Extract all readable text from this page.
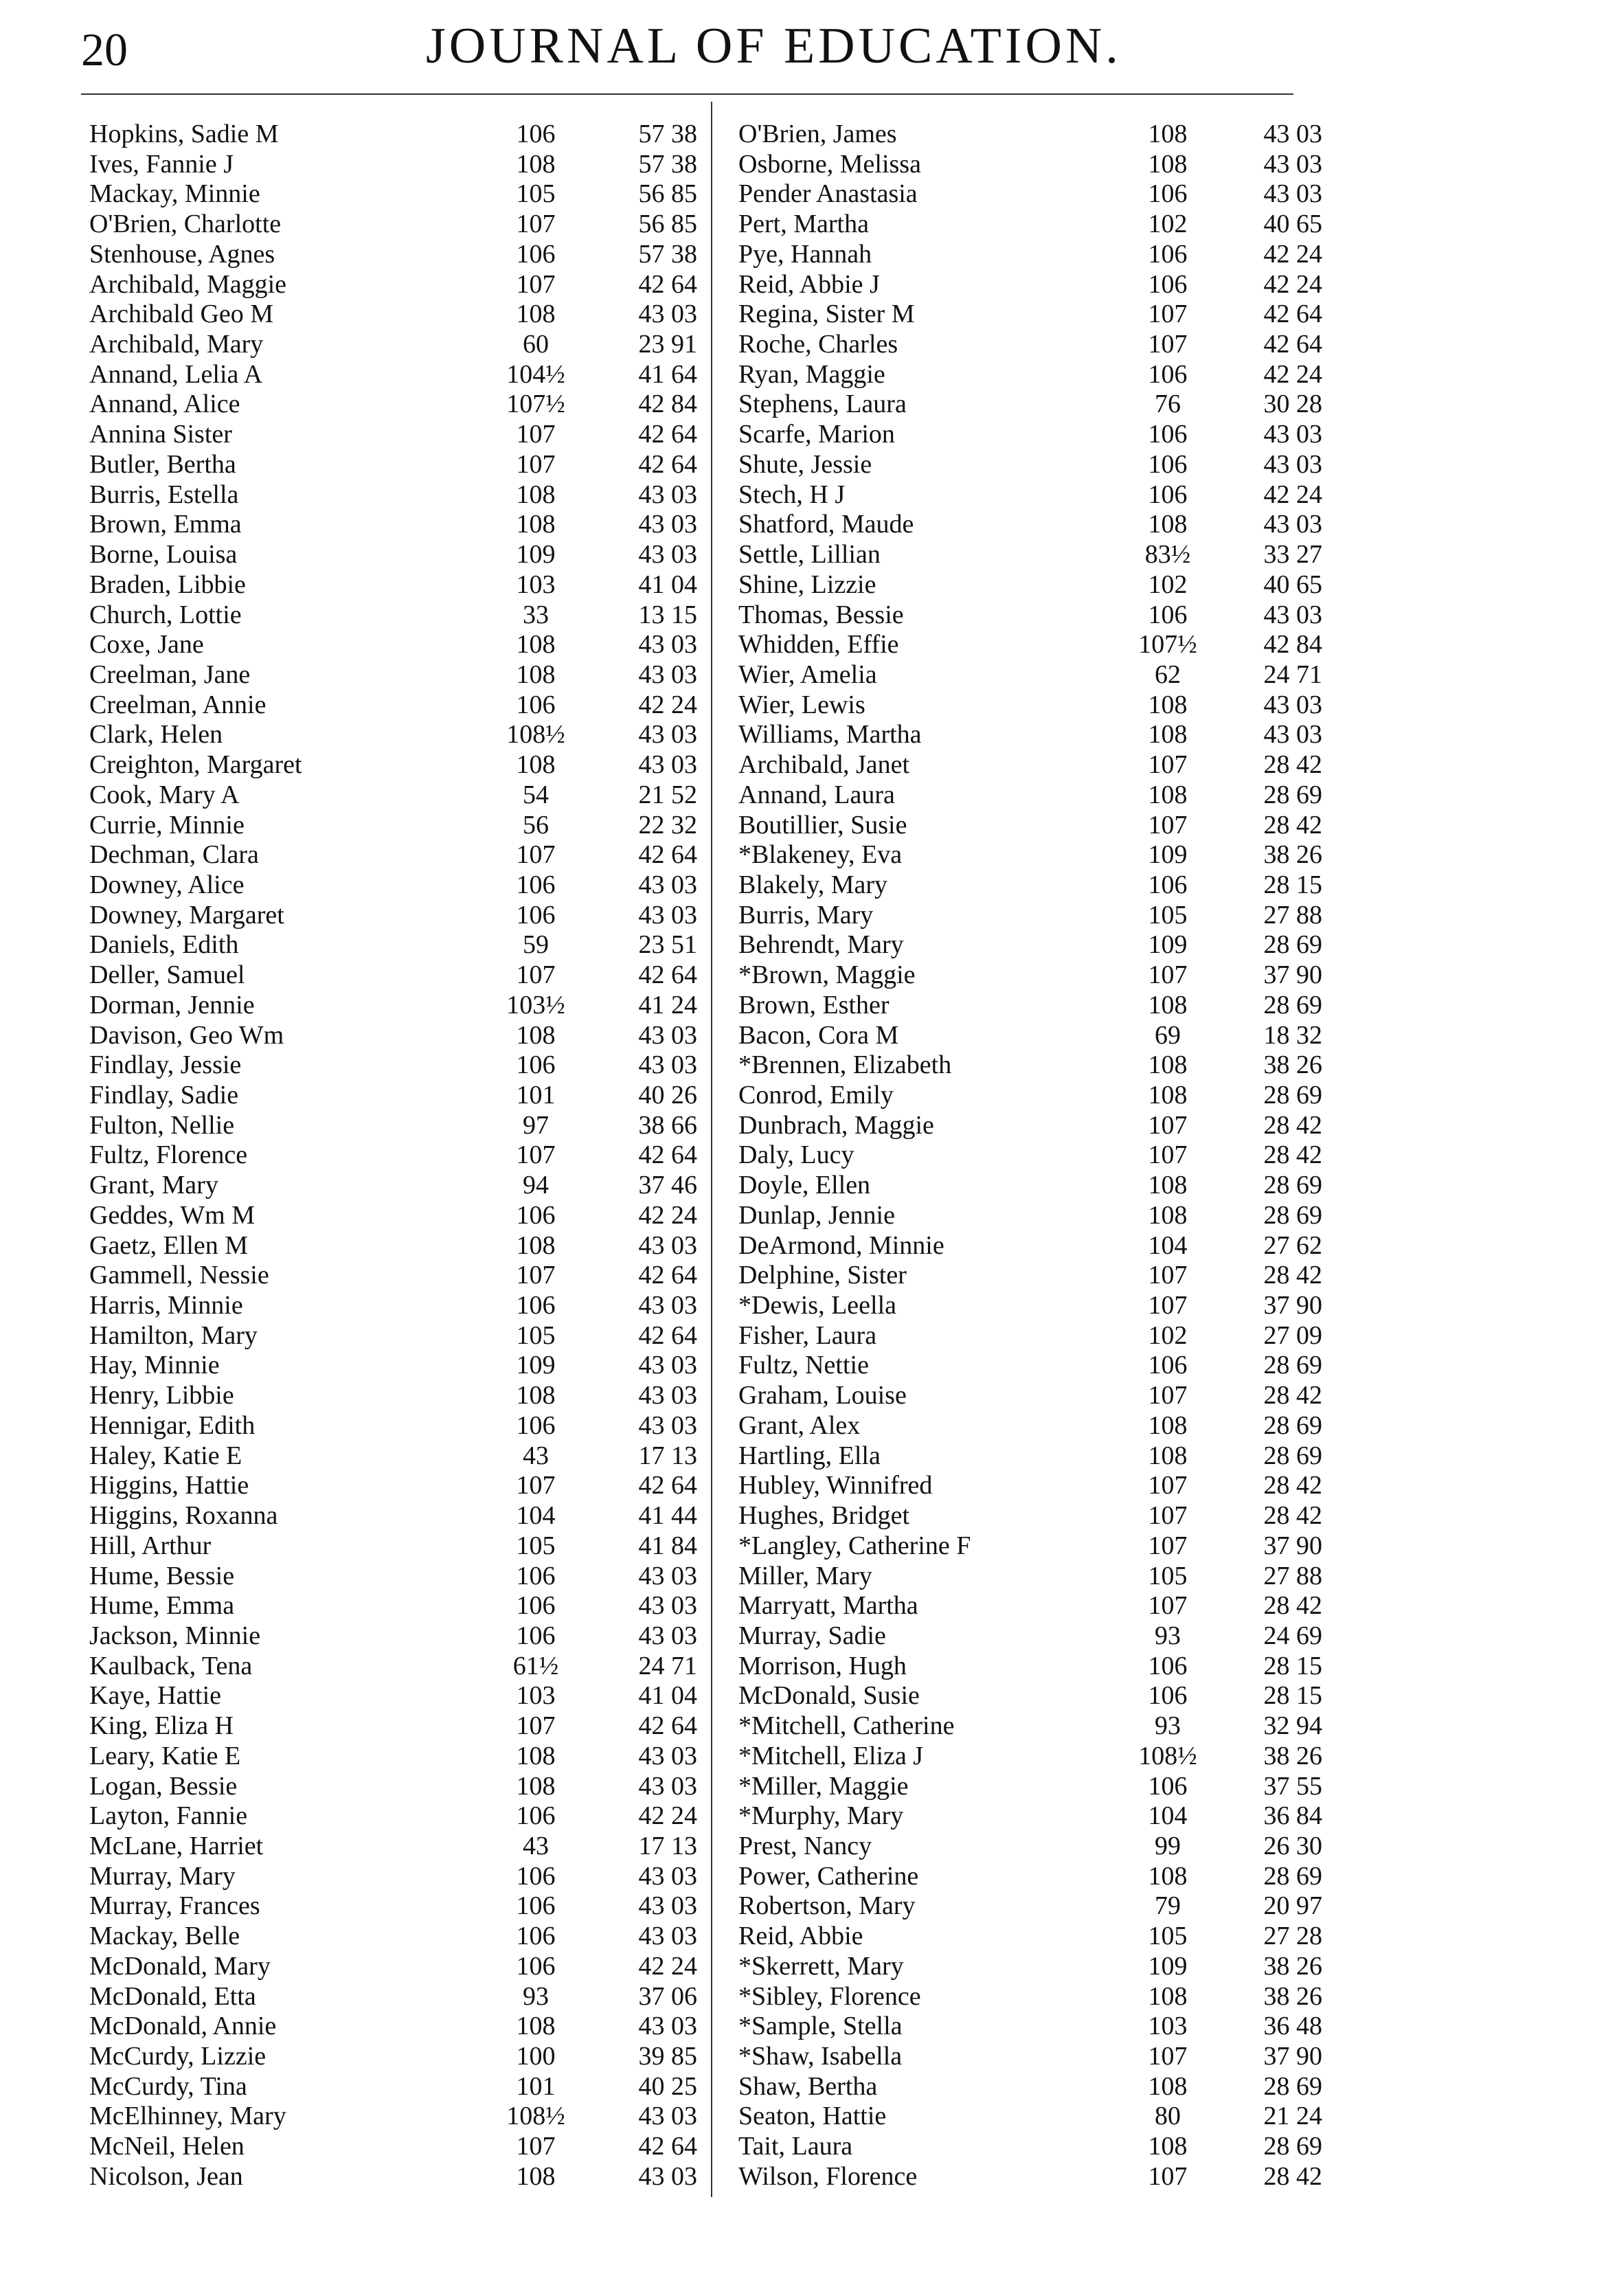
20	JOURNAL OF EDUCATION.
Hopkins, Sadie M	106	57 38
Ives, Fannie J	108	57 38
Mackay, Minnie	105	56 85
O'Brien, Charlotte	107	56 85
Stenhouse, Agnes	106	57 38
Archibald, Maggie	107	42 64
Archibald Geo M	108	43 03
Archibald, Mary	60	23 91
Annand, Lelia A	104½	41 64
Annand, Alice	107½	42 84
Annina Sister	107	42 64
Butler, Bertha	107	42 64
Burris, Estella	108	43 03
Brown, Emma	108	43 03
Borne, Louisa	109	43 03
Braden, Libbie	103	41 04
Church, Lottie	33	13 15
Coxe, Jane	108	43 03
Creelman, Jane	108	43 03
Creelman, Annie	106	42 24
Clark, Helen	108½	43 03
Creighton, Margaret	108	43 03
Cook, Mary A	54	21 52
Currie, Minnie	56	22 32
Dechman, Clara	107	42 64
Downey, Alice	106	43 03
Downey, Margaret	106	43 03
Daniels, Edith	59	23 51
Deller, Samuel	107	42 64
Dorman, Jennie	103½	41 24
Davison, Geo Wm	108	43 03
Findlay, Jessie	106	43 03
Findlay, Sadie	101	40 26
Fulton, Nellie	97	38 66
Fultz, Florence	107	42 64
Grant, Mary	94	37 46
Geddes, Wm M	106	42 24
Gaetz, Ellen M	108	43 03
Gammell, Nessie	107	42 64
Harris, Minnie	106	43 03
Hamilton, Mary	105	42 64
Hay, Minnie	109	43 03
Henry, Libbie	108	43 03
Hennigar, Edith	106	43 03
Haley, Katie E	43	17 13
Higgins, Hattie	107	42 64
Higgins, Roxanna	104	41 44
Hill, Arthur	105	41 84
Hume, Bessie	106	43 03
Hume, Emma	106	43 03
Jackson, Minnie	106	43 03
Kaulback, Tena	61½	24 71
Kaye, Hattie	103	41 04
King, Eliza H	107	42 64
Leary, Katie E	108	43 03
Logan, Bessie	108	43 03
Layton, Fannie	106	42 24
McLane, Harriet	43	17 13
Murray, Mary	106	43 03
Murray, Frances	106	43 03
Mackay, Belle	106	43 03
McDonald, Mary	106	42 24
McDonald, Etta	93	37 06
McDonald, Annie	108	43 03
McCurdy, Lizzie	100	39 85
McCurdy, Tina	101	40 25
McElhinney, Mary	108½	43 03
McNeil, Helen	107	42 64
Nicolson, Jean	108	43 03
O'Brien, James	108	43 03
Osborne, Melissa	108	43 03
Pender Anastasia	106	43 03
Pert, Martha	102	40 65
Pye, Hannah	106	42 24
Reid, Abbie J	106	42 24
Regina, Sister M	107	42 64
Roche, Charles	107	42 64
Ryan, Maggie	106	42 24
Stephens, Laura	76	30 28
Scarfe, Marion	106	43 03
Shute, Jessie	106	43 03
Stech, H J	106	42 24
Shatford, Maude	108	43 03
Settle, Lillian	83½	33 27
Shine, Lizzie	102	40 65
Thomas, Bessie	106	43 03
Whidden, Effie	107½	42 84
Wier, Amelia	62	24 71
Wier, Lewis	108	43 03
Williams, Martha	108	43 03
Archibald, Janet	107	28 42
Annand, Laura	108	28 69
Boutillier, Susie	107	28 42
*Blakeney, Eva	109	38 26
Blakely, Mary	106	28 15
Burris, Mary	105	27 88
Behrendt, Mary	109	28 69
*Brown, Maggie	107	37 90
Brown, Esther	108	28 69
Bacon, Cora M	69	18 32
*Brennen, Elizabeth	108	38 26
Conrod, Emily	108	28 69
Dunbrach, Maggie	107	28 42
Daly, Lucy	107	28 42
Doyle, Ellen	108	28 69
Dunlap, Jennie	108	28 69
DeArmond, Minnie	104	27 62
Delphine, Sister	107	28 42
*Dewis, Leella	107	37 90
Fisher, Laura	102	27 09
Fultz, Nettie	106	28 69
Graham, Louise	107	28 42
Grant, Alex	108	28 69
Hartling, Ella	108	28 69
Hubley, Winnifred	107	28 42
Hughes, Bridget	107	28 42
*Langley, Catherine F	107	37 90
Miller, Mary	105	27 88
Marryatt, Martha	107	28 42
Murray, Sadie	93	24 69
Morrison, Hugh	106	28 15
McDonald, Susie	106	28 15
*Mitchell, Catherine	93	32 94
*Mitchell, Eliza J	108½	38 26
*Miller, Maggie	106	37 55
*Murphy, Mary	104	36 84
Prest, Nancy	99	26 30
Power, Catherine	108	28 69
Robertson, Mary	79	20 97
Reid, Abbie	105	27 28
*Skerrett, Mary	109	38 26
*Sibley, Florence	108	38 26
*Sample, Stella	103	36 48
*Shaw, Isabella	107	37 90
Shaw, Bertha	108	28 69
Seaton, Hattie	80	21 24
Tait, Laura	108	28 69
Wilson, Florence	107	28 42
